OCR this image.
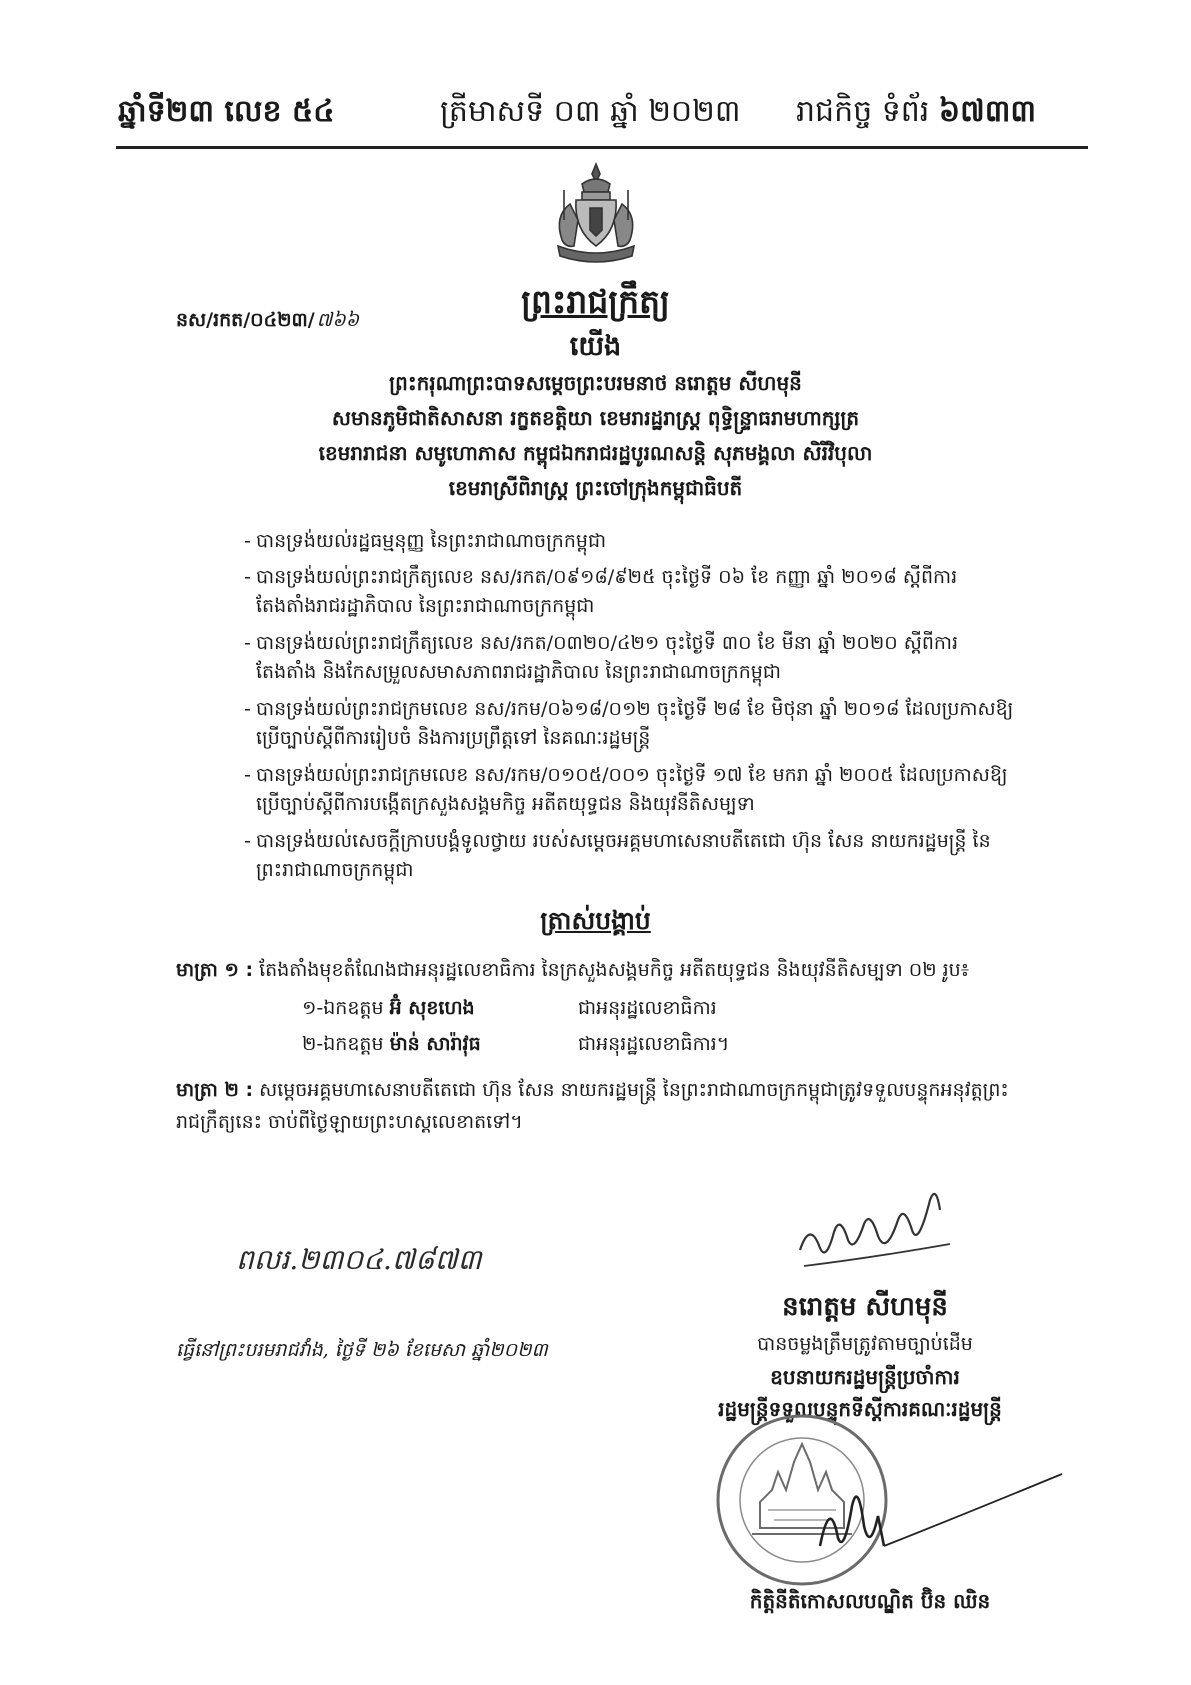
ឆ្នាំទី២៣ លេខ ៥៤	ត្រីមាសទី ០៣ ឆ្នាំ ២០២៣ រាជកិច្ច ទំព័រ ៦៧៣៣
ព្រះរាជក្រឹត្យ
នស/រកត/០៤២៣/ ៧៦៦
យើង
ព្រះករុណាព្រះបាទសម្តេចព្រះបរមនាថ នរោត្តម សីហមុនី
សមានភូមិជាតិសាសនា រក្ខតខត្តិយា ខេមរារដ្ឋរាស្ត្រ ពុទ្ធិន្ទ្រាធរាមហាក្សត្រ
ខេមរារាជនា សមូហោភាស កម្ពុជឯករាជរដ្ឋបូរណសន្តិ សុភមង្គលា សិរីវិបុលា
ខេមរាស្រីពិរាស្ត្រ ព្រះចៅក្រុងកម្ពុជាធិបតី
- បានទ្រង់យល់រដ្ឋធម្មនុញ្ញ នៃព្រះរាជាណាចក្រកម្ពុជា
- បានទ្រង់យល់ព្រះរាជក្រឹត្យលេខ នស/រកត/០៩១៨/៩២៥ ចុះថ្ងៃទី ០៦ ខែ កញ្ញា ឆ្នាំ ២០១៨ ស្តីពីការតែងតាំងរាជរដ្ឋាភិបាល នៃព្រះរាជាណាចក្រកម្ពុជា
- បានទ្រង់យល់ព្រះរាជក្រឹត្យលេខ នស/រកត/០៣២០/៤២១ ចុះថ្ងៃទី ៣០ ខែ មីនា ឆ្នាំ ២០២០ ស្តីពីការតែងតាំង និងកែសម្រួលសមាសភាពរាជរដ្ឋាភិបាល នៃព្រះរាជាណាចក្រកម្ពុជា
- បានទ្រង់យល់ព្រះរាជក្រមលេខ នស/រកម/០៦១៨/០១២ ចុះថ្ងៃទី ២៨ ខែ មិថុនា ឆ្នាំ ២០១៨ ដែលប្រកាសឱ្យប្រើច្បាប់ស្តីពីការរៀបចំ និងការប្រព្រឹត្តទៅ នៃគណៈរដ្ឋមន្ត្រី
- បានទ្រង់យល់ព្រះរាជក្រមលេខ នស/រកម/០១០៥/០០១ ចុះថ្ងៃទី ១៧ ខែ មករា ឆ្នាំ ២០០៥ ដែលប្រកាសឱ្យប្រើច្បាប់ស្តីពីការបង្កើតក្រសួងសង្គមកិច្ច អតីតយុទ្ធជន និងយុវនីតិសម្បទា
- បានទ្រង់យល់សេចក្តីក្រាបបង្គំទូលថ្វាយ របស់សម្តេចអគ្គមហាសេនាបតីតេជោ ហ៊ុន សែន នាយករដ្ឋមន្ត្រី នៃព្រះរាជាណាចក្រកម្ពុជា
ត្រាស់បង្គាប់
មាត្រា ១ : តែងតាំងមុខតំណែងជាអនុរដ្ឋលេខាធិការ នៃក្រសួងសង្គមកិច្ច អតីតយុទ្ធជន និងយុវនីតិសម្បទា ០២ រូប៖
១-ឯកឧត្តម អ៊ំ សុខហេង	ជាអនុរដ្ឋលេខាធិការ
២-ឯកឧត្តម ម៉ាន់ សារ៉ាវុធ	ជាអនុរដ្ឋលេខាធិការ។
មាត្រា ២ : សម្តេចអគ្គមហាសេនាបតីតេជោ ហ៊ុន សែន នាយករដ្ឋមន្ត្រី នៃព្រះរាជាណាចក្រកម្ពុជាត្រូវទទួលបន្ទុកអនុវត្តព្រះរាជក្រឹត្យនេះ ចាប់ពីថ្ងៃឡាយព្រះហស្តលេខាតទៅ។
ពលរ.២៣០៤.៧៨៧៣
ធ្វើនៅព្រះបរមរាជវាំង, ថ្ងៃទី ២៦ ខែមេសា ឆ្នាំ២០២៣
នរោត្តម សីហមុនី
បានចម្លងត្រឹមត្រូវតាមច្បាប់ដើម
ឧបនាយករដ្ឋមន្ត្រីប្រចាំការ
រដ្ឋមន្ត្រីទទួលបន្ទុកទីស្តីការគណៈរដ្ឋមន្ត្រី
កិត្តិនីតិកោសលបណ្ឌិត ប៊ិន ឈិន
